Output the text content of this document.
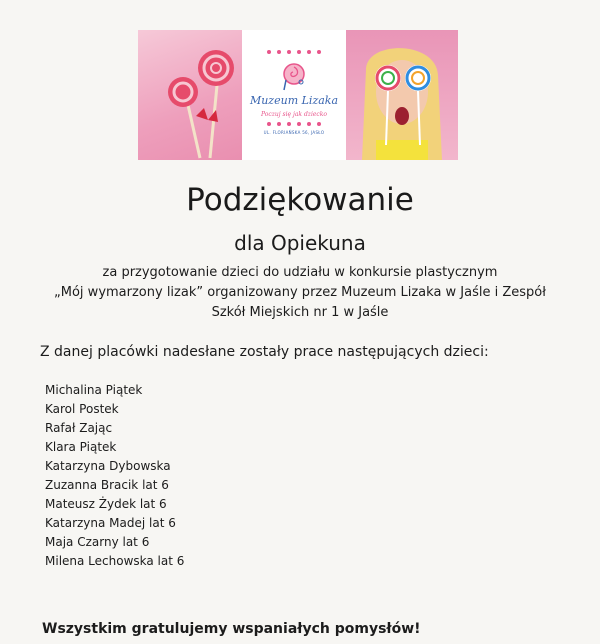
Muzeum Lizaka
Poczuj się jak dziecko
UL. FLORIAŃSKA 56, JASŁO
Podziękowanie
dla Opiekuna
za przygotowanie dzieci do udziału w konkursie plastycznym
„Mój wymarzony lizak” organizowany przez Muzeum Lizaka w Jaśle i Zespół
Szkół Miejskich nr 1 w Jaśle
Z danej placówki nadesłane zostały prace następujących dzieci:
Michalina Piątek
Karol Postek
Rafał Zając
Klara Piątek
Katarzyna Dybowska
Zuzanna Bracik lat 6
Mateusz Żydek lat 6
Katarzyna Madej lat 6
Maja Czarny lat 6
Milena Lechowska lat 6
Wszystkim gratulujemy wspaniałych pomysłów!
